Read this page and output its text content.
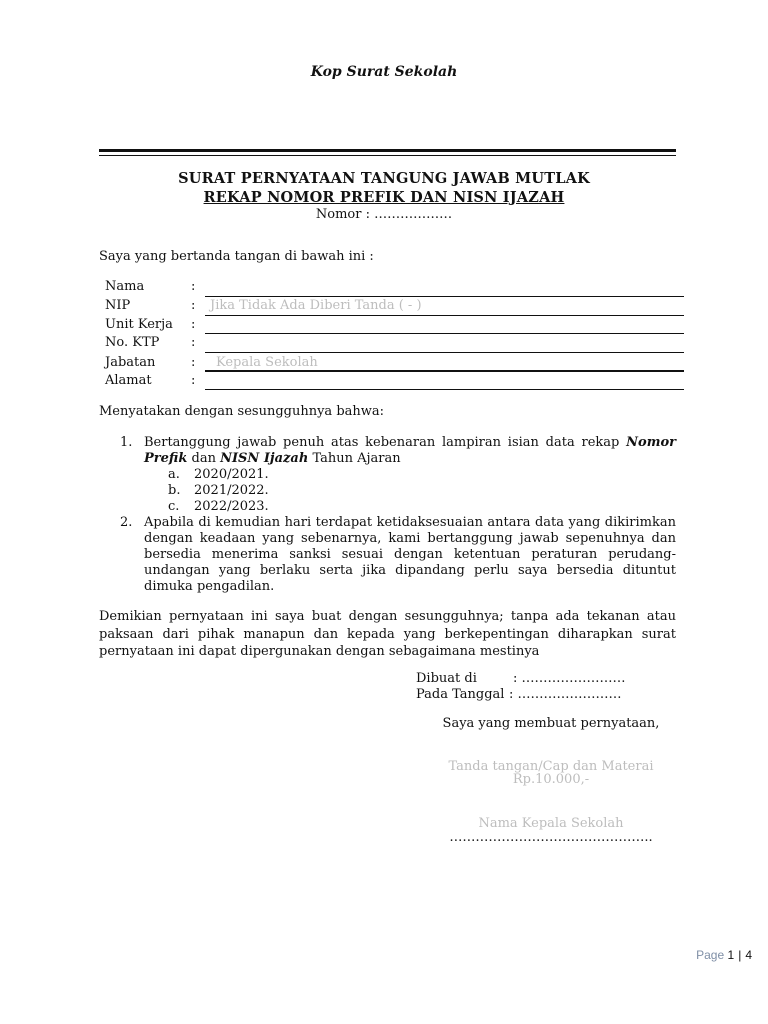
Kop Surat Sekolah
SURAT PERNYATAAN TANGUNG JAWAB MUTLAK
REKAP NOMOR PREFIK DAN NISN IJAZAH
Nomor : ………………
Saya yang bertanda tangan di bawah ini :
Nama	:
NIP	: Jika Tidak Ada Diberi Tanda ( - )
Unit Kerja :
No. KTP :
Jabatan	: Kepala Sekolah
Alamat	:
Menyatakan dengan sesungguhnya bahwa:
1. Bertanggung jawab penuh atas kebenaran lampiran isian data rekap Nomor Prefik dan NISN Ijazah Tahun Ajaran
a. 2020/2021.
b. 2021/2022.
c. 2022/2023.
2. Apabila di kemudian hari terdapat ketidaksesuaian antara data yang dikirimkan dengan keadaan yang sebenarnya, kami bertanggung jawab sepenuhnya dan bersedia menerima sanksi sesuai dengan ketentuan peraturan perudang-undangan yang berlaku serta jika dipandang perlu saya bersedia dituntut dimuka pengadilan.
Demikian pernyataan ini saya buat dengan sesungguhnya; tanpa ada tekanan atau paksaan dari pihak manapun dan kepada yang berkepentingan diharapkan surat pernyataan ini dapat dipergunakan dengan sebagaimana mestinya
Dibuat di	: ……………………
Pada Tanggal : ……………………
Saya yang membuat pernyataan,
Tanda tangan/Cap dan Materai
Rp.10.000,-
Nama Kepala Sekolah
………………………………………..
Page 1 | 4
